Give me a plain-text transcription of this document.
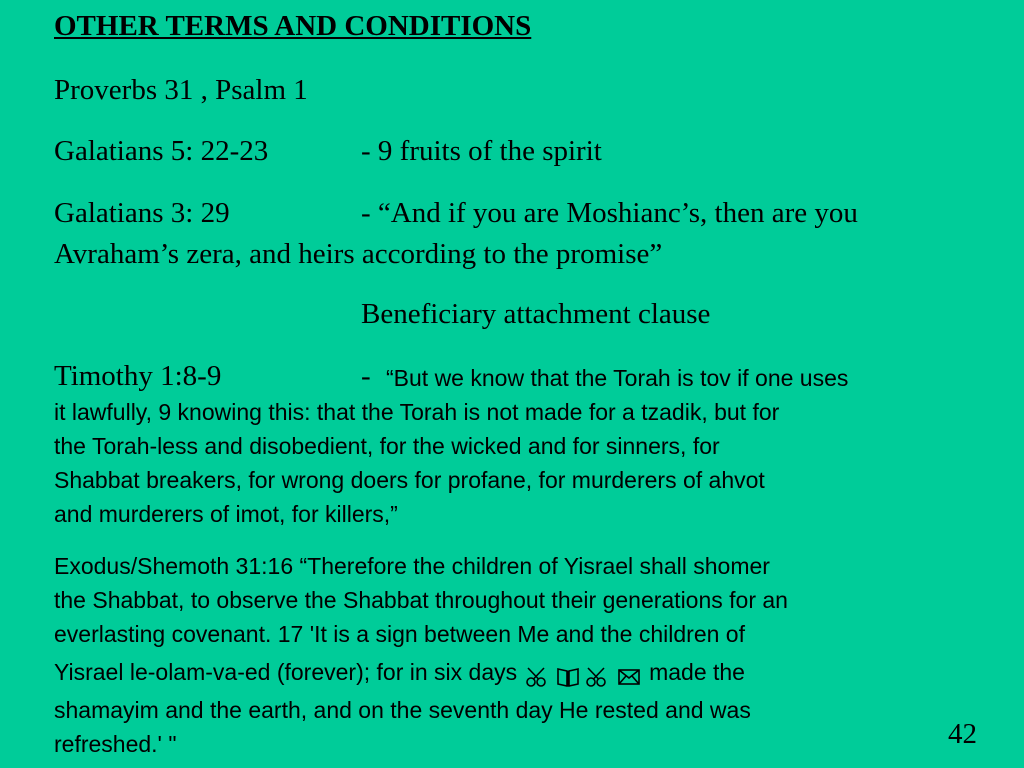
OTHER TERMS AND CONDITIONS
Proverbs 31 , Psalm 1
Galatians 5: 22-23	- 9 fruits of the spirit
Galatians 3: 29	- “And if you are Moshianc’s, then are you
Avraham’s zera, and heirs according to the promise”
Beneficiary attachment clause
Timothy 1:8-9	- “But we know that the Torah is tov if one uses
it lawfully, 9 knowing this: that the Torah is not made for a tzadik, but for
the Torah-less and disobedient, for the wicked and for sinners, for
Shabbat breakers, for wrong doers for profane, for murderers of ahvot
and murderers of imot, for killers,”
Exodus/Shemoth 31:16 “Therefore the children of Yisrael shall shomer
the Shabbat, to observe the Shabbat throughout their generations for an
everlasting covenant. 17 'It is a sign between Me and the children of
Yisrael le-olam-va-ed (forever); for in six days	made the
shamayim and the earth, and on the seventh day He rested and was
refreshed.' "	42
